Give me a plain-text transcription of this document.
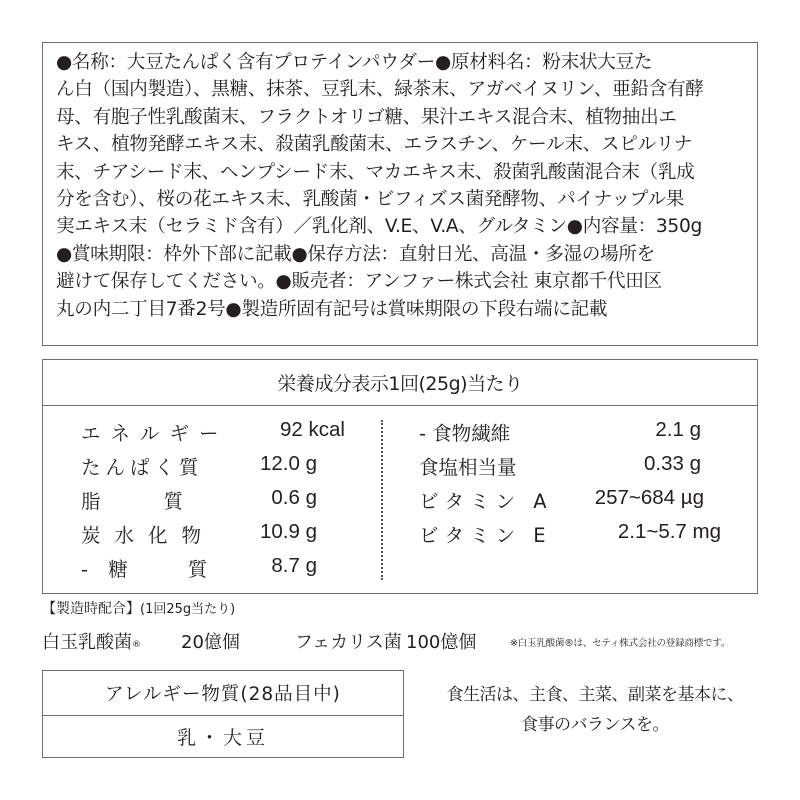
●名称：大豆たんぱく含有プロテインパウダー●原材料名：粉末状大豆た
ん白（国内製造）、黒糖、抹茶、豆乳末、緑茶末、アガベイヌリン、亜鉛含有酵
母、有胞子性乳酸菌末、フラクトオリゴ糖、果汁エキス混合末、植物抽出エ
キス、植物発酵エキス末、殺菌乳酸菌末、エラスチン、ケール末、スピルリナ
末、チアシード末、ヘンプシード末、マカエキス末、殺菌乳酸菌混合末（乳成
分を含む）、桜の花エキス末、乳酸菌・ビフィズス菌発酵物、パイナップル果
実エキス末（セラミド含有）／乳化剤、V.E、V.A、グルタミン●内容量：350g
●賞味期限：枠外下部に記載●保存方法：直射日光、高温・多湿の場所を
避けて保存してください。●販売者：アンファー株式会社 東京都千代田区
丸の内二丁目7番2号●製造所固有記号は賞味期限の下段右端に記載

栄養成分表示1回(25g)当たり
エネルギー	92 kcal
たんぱく質	12.0 g
脂　　質	0.6 g
炭水化物 10.9 g
- 糖　　質	8.7 g
- 食物繊維	2.1 g
食塩相当量	0.33 g
ビタミン A 257~684 µg
ビタミン E	2.1~5.7 mg
【製造時配合】(1回25g当たり)
白玉乳酸菌® 20億個	フェカリス菌 100億個	※白玉乳酸菌®は、セティ株式会社の登録商標です。
アレルギー物質(28品目中)
乳・大豆
食生活は、主食、主菜、副菜を基本に、
食事のバランスを。
